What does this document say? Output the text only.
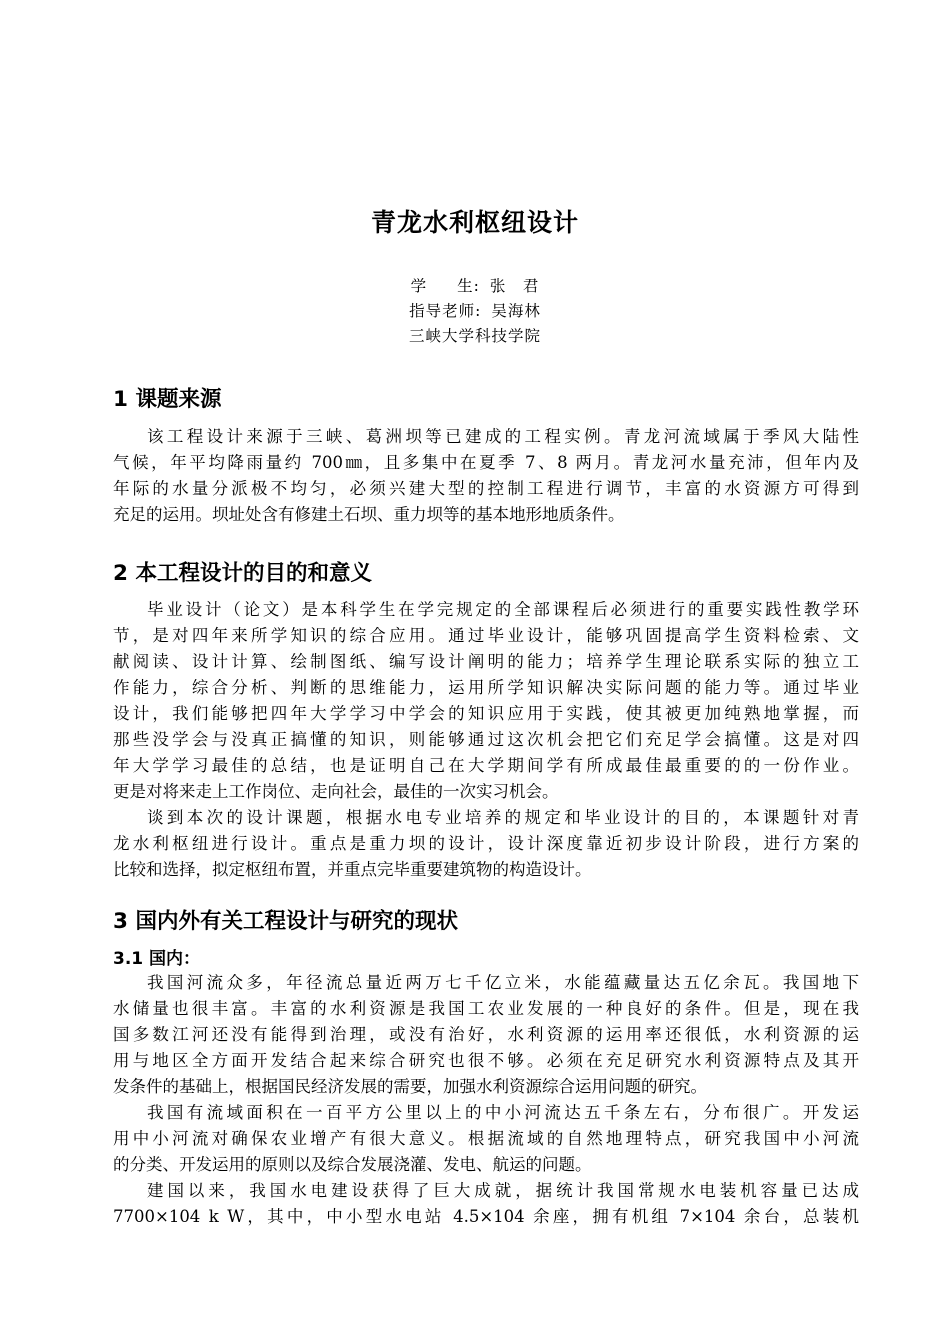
青龙水利枢纽设计
学 生: 张　君
指导老师: 吴海林
三峡大学科技学院
1 课题来源
该工程设计来源于三峡、葛洲坝等已建成的工程实例。青龙河流域属于季风大陆性
气候，年平均降雨量约 700㎜，且多集中在夏季 7、8 两月。青龙河水量充沛，但年内及
年际的水量分派极不均匀，必须兴建大型的控制工程进行调节，丰富的水资源方可得到
充足的运用。坝址处含有修建土石坝、重力坝等的基本地形地质条件。
2 本工程设计的目的和意义
毕业设计（论文）是本科学生在学完规定的全部课程后必须进行的重要实践性教学环
节，是对四年来所学知识的综合应用。通过毕业设计，能够巩固提高学生资料检索、文
献阅读、设计计算、绘制图纸、编写设计阐明的能力；培养学生理论联系实际的独立工
作能力，综合分析、判断的思维能力，运用所学知识解决实际问题的能力等。通过毕业
设计，我们能够把四年大学学习中学会的知识应用于实践，使其被更加纯熟地掌握，而
那些没学会与没真正搞懂的知识，则能够通过这次机会把它们充足学会搞懂。这是对四
年大学学习最佳的总结，也是证明自己在大学期间学有所成最佳最重要的的一份作业。
更是对将来走上工作岗位、走向社会，最佳的一次实习机会。
谈到本次的设计课题，根据水电专业培养的规定和毕业设计的目的，本课题针对青
龙水利枢纽进行设计。重点是重力坝的设计，设计深度靠近初步设计阶段，进行方案的
比较和选择，拟定枢纽布置，并重点完毕重要建筑物的构造设计。
3 国内外有关工程设计与研究的现状
3.1 国内：
我国河流众多，年径流总量近两万七千亿立米，水能蕴藏量达五亿余瓦。我国地下
水储量也很丰富。丰富的水利资源是我国工农业发展的一种良好的条件。但是，现在我
国多数江河还没有能得到治理，或没有治好，水利资源的运用率还很低，水利资源的运
用与地区全方面开发结合起来综合研究也很不够。必须在充足研究水利资源特点及其开
发条件的基础上，根据国民经济发展的需要，加强水利资源综合运用问题的研究。
我国有流域面积在一百平方公里以上的中小河流达五千条左右，分布很广。开发运
用中小河流对确保农业增产有很大意义。根据流域的自然地理特点，研究我国中小河流
的分类、开发运用的原则以及综合发展浇灌、发电、航运的问题。
建国以来，我国水电建设获得了巨大成就，据统计我国常规水电装机容量已达成
7700×104 k W，其中，中小型水电站 4.5×104 余座，拥有机组 7×104 余台，总装机
